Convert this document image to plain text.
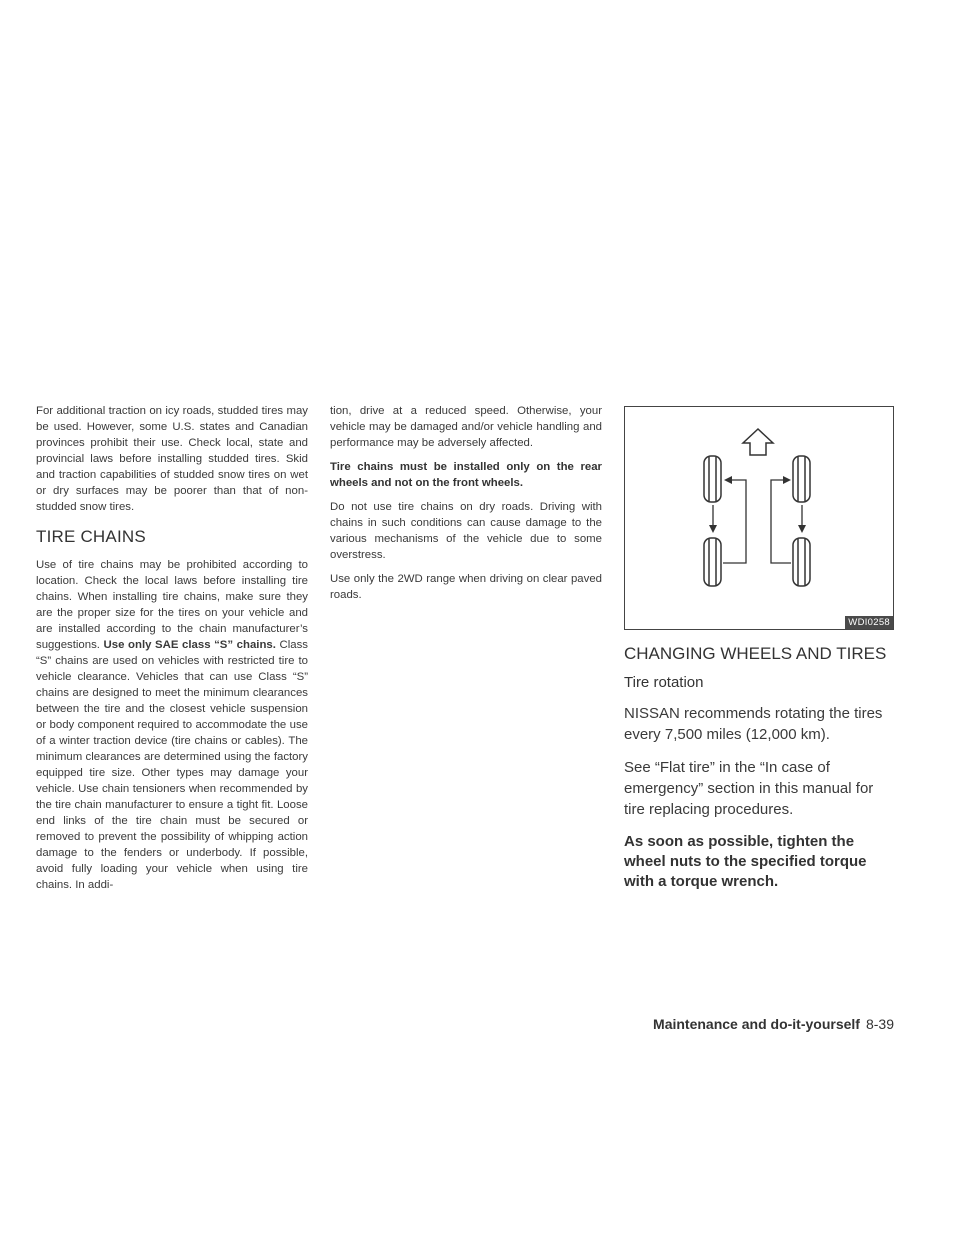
For additional traction on icy roads, studded tires may be used. However, some U.S. states and Canadian provinces prohibit their use. Check local, state and provincial laws before installing studded tires. Skid and traction capabilities of studded snow tires on wet or dry surfaces may be poorer than that of non-studded snow tires.

TIRE CHAINS

Use of tire chains may be prohibited according to location. Check the local laws before installing tire chains. When installing tire chains, make sure they are the proper size for the tires on your vehicle and are installed according to the chain manufacturer’s suggestions. Use only SAE class “S” chains. Class “S” chains are used on vehicles with restricted tire to vehicle clearance. Vehicles that can use Class “S” chains are designed to meet the minimum clearances between the tire and the closest vehicle suspension or body component required to accommodate the use of a winter traction device (tire chains or cables). The minimum clearances are determined using the factory equipped tire size. Other types may damage your vehicle. Use chain tensioners when recommended by the tire chain manufacturer to ensure a tight fit. Loose end links of the tire chain must be secured or removed to prevent the possibility of whipping action damage to the fenders or underbody. If possible, avoid fully loading your vehicle when using tire chains. In addi-

tion, drive at a reduced speed. Otherwise, your vehicle may be damaged and/or vehicle handling and performance may be adversely affected.

Tire chains must be installed only on the rear wheels and not on the front wheels.

Do not use tire chains on dry roads. Driving with chains in such conditions can cause damage to the various mechanisms of the vehicle due to some overstress.

Use only the 2WD range when driving on clear paved roads.

WDI0258
CHANGING WHEELS AND TIRES
Tire rotation

NISSAN recommends rotating the tires every 7,500 miles (12,000 km).

See “Flat tire” in the “In case of emergency” section in this manual for tire replacing procedures.

As soon as possible, tighten the wheel nuts to the specified torque with a torque wrench.

Maintenance and do-it-yourself 8-39
